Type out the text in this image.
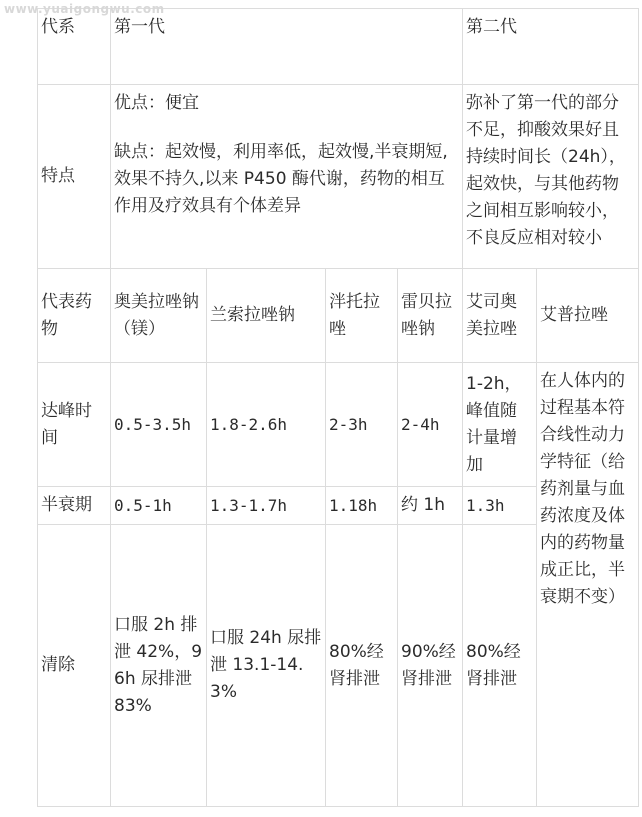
www.yuaigongwu.com
代系	第一代				第二代	
特点	优点：便宜

缺点：起效慢，利用率低，起效慢,半衰期短,效果不持久,以来 P450 酶代谢，药物的相互作用及疗效具有个体差异				弥补了第一代的部分不足，抑酸效果好且持续时间长（24h），起效快，与其他药物之间相互影响较小，不良反应相对较小	
代表药物	奥美拉唑钠（镁）	兰索拉唑钠	泮托拉唑	雷贝拉唑钠	艾司奥美拉唑	艾普拉唑
达峰时间	0.5-3.5h	1.8-2.6h	2-3h	2-4h	1-2h，峰值随计量增加	在人体内的过程基本符合线性动力学特征（给药剂量与血药浓度及体内的药物量成正比，半衰期不变）
半衰期	0.5-1h	1.3-1.7h	1.18h	约 1h	1.3h	
清除	口服 2h 排泄 42%，96h 尿排泄 83%	口服 24h 尿排泄 13.1-14.3%	80%经肾排泄	90%经肾排泄	80%经肾排泄	
